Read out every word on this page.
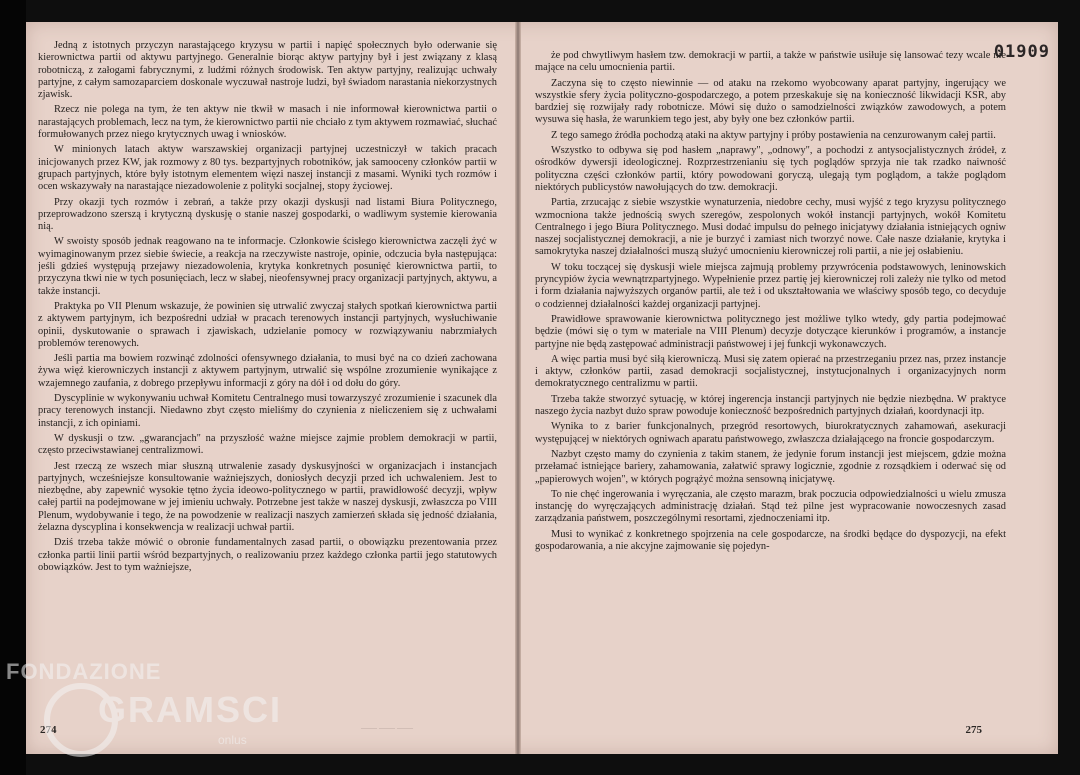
Jedną z istotnych przyczyn narastającego kryzysu w partii i napięć społecznych było oderwanie się kierownictwa partii od aktywu partyjnego. Generalnie biorąc aktyw partyjny był i jest związany z klasą robotniczą, z załogami fabrycznymi, z ludźmi różnych środowisk. Ten aktyw partyjny, realizując uchwały partyjne, z całym samozaparciem doskonale wyczuwał nastroje ludzi, był świadom narastania niekorzystnych zjawisk.

Rzecz nie polega na tym, że ten aktyw nie tkwił w masach i nie informował kierownictwa partii o narastających problemach, lecz na tym, że kierownictwo partii nie chciało z tym aktywem rozmawiać, słuchać formułowanych przez niego krytycznych uwag i wniosków.

W minionych latach aktyw warszawskiej organizacji partyjnej uczestniczył w takich pracach inicjowanych przez KW, jak rozmowy z 80 tys. bezpartyjnych robotników, jak samooceny członków partii w grupach partyjnych, które były istotnym elementem więzi naszej instancji z masami. Wyniki tych rozmów i ocen wskazywały na narastające niezadowolenie z polityki socjalnej, stopy życiowej.

Przy okazji tych rozmów i zebrań, a także przy okazji dyskusji nad listami Biura Politycznego, przeprowadzono szerszą i krytyczną dyskusję o stanie naszej gospodarki, o wadliwym systemie kierowania nią.

W swoisty sposób jednak reagowano na te informacje. Członkowie ścisłego kierownictwa zaczęli żyć w wyimaginowanym przez siebie świecie, a reakcja na rzeczywiste nastroje, opinie, odczucia była następująca: jeśli gdzieś występują przejawy niezadowolenia, krytyka konkretnych posunięć kierownictwa partii, to przyczyna tkwi nie w tych posunięciach, lecz w słabej, nieofensywnej pracy organizacji partyjnych, aktywu, a także instancji.

Praktyka po VII Plenum wskazuje, że powinien się utrwalić zwyczaj stałych spotkań kierownictwa partii z aktywem partyjnym, ich bezpośredni udział w pracach terenowych instancji partyjnych, wysłuchiwanie opinii, dyskutowanie o sprawach i zjawiskach, udzielanie pomocy w rozwiązywaniu nabrzmiałych problemów terenowych.

Jeśli partia ma bowiem rozwinąć zdolności ofensywnego działania, to musi być na co dzień zachowana żywa więź kierowniczych instancji z aktywem partyjnym, utrwalić się wspólne zrozumienie wynikające z wzajemnego zaufania, z dobrego przepływu informacji z góry na dół i od dołu do góry.

Dyscyplinie w wykonywaniu uchwał Komitetu Centralnego musi towarzyszyć zrozumienie i szacunek dla pracy terenowych instancji. Niedawno zbyt często mieliśmy do czynienia z nieliczeniem się z uchwałami instancji, z ich opiniami.

W dyskusji o tzw. „gwarancjach" na przyszłość ważne miejsce zajmie problem demokracji w partii, często przeciwstawianej centralizmowi.

Jest rzeczą ze wszech miar słuszną utrwalenie zasady dyskusyjności w organizacjach i instancjach partyjnych, wcześniejsze konsultowanie ważniejszych, doniosłych decyzji przed ich uchwaleniem. Jest to niezbędne, aby zapewnić wysokie tętno życia ideowo-politycznego w partii, prawidłowość decyzji, wpływ całej partii na podejmowane w jej imieniu uchwały. Potrzebne jest także w naszej dyskusji, zwłaszcza po VIII Plenum, wydobywanie i tego, że na powodzenie w realizacji naszych zamierzeń składa się jedność działania, żelazna dyscyplina i konsekwencja w realizacji uchwał partii.

Dziś trzeba także mówić o obronie fundamentalnych zasad partii, o obowiązku prezentowania przez członka partii linii partii wśród bezpartyjnych, o realizowaniu przez każdego członka partii jego statutowych obowiązków. Jest to tym ważniejsze,

—— —— ——
274
01909

że pod chwytliwym hasłem tzw. demokracji w partii, a także w państwie usiłuje się lansować tezy wcale nie mające na celu umocnienia partii.

Zaczyna się to często niewinnie — od ataku na rzekomo wyobcowany aparat partyjny, ingerujący we wszystkie sfery życia polityczno-gospodarczego, a potem przeskakuje się na konieczność likwidacji KSR, aby bardziej się rozwijały rady robotnicze. Mówi się dużo o samodzielności związków zawodowych, a potem wysuwa się hasła, że warunkiem tego jest, aby były one bez członków partii.

Z tego samego źródła pochodzą ataki na aktyw partyjny i próby postawienia na cenzurowanym całej partii.

Wszystko to odbywa się pod hasłem „naprawy", „odnowy", a pochodzi z antysocjalistycznych źródeł, z ośrodków dywersji ideologicznej. Rozprzestrzenianiu się tych poglądów sprzyja nie tak rzadko naiwność polityczna części członków partii, który powodowani goryczą, ulegają tym poglądom, a także poglądom niektórych publicystów nawołujących do tzw. demokracji.

Partia, zrzucając z siebie wszystkie wynaturzenia, niedobre cechy, musi wyjść z tego kryzysu politycznego wzmocniona także jednością swych szeregów, zespolonych wokół instancji partyjnych, wokół Komitetu Centralnego i jego Biura Politycznego. Musi dodać impulsu do pełnego inicjatywy działania istniejących ogniw naszej socjalistycznej demokracji, a nie je burzyć i zamiast nich tworzyć nowe. Całe nasze działanie, krytyka i samokrytyka naszej działalności muszą służyć umocnieniu kierowniczej roli partii, a nie jej osłabieniu.

W toku toczącej się dyskusji wiele miejsca zajmują problemy przywrócenia podstawowych, leninowskich pryncypiów życia wewnątrzpartyjnego. Wypełnienie przez partię jej kierowniczej roli zależy nie tylko od metod i form działania najwyższych organów partii, ale też i od ukształtowania we właściwy sposób tego, co decyduje o codziennej działalności każdej organizacji partyjnej.

Prawidłowe sprawowanie kierownictwa politycznego jest możliwe tylko wtedy, gdy partia podejmować będzie (mówi się o tym w materiale na VIII Plenum) decyzje dotyczące kierunków i programów, a instancje partyjne nie będą zastępować administracji państwowej i jej funkcji wykonawczych.

A więc partia musi być siłą kierowniczą. Musi się zatem opierać na przestrzeganiu przez nas, przez instancje i aktyw, członków partii, zasad demokracji socjalistycznej, instytucjonalnych i organizacyjnych norm demokratycznego centralizmu w partii.

Trzeba także stworzyć sytuację, w której ingerencja instancji partyjnych nie będzie niezbędna. W praktyce naszego życia nazbyt dużo spraw powoduje konieczność bezpośrednich partyjnych działań, koordynacji itp.

Wynika to z barier funkcjonalnych, przegród resortowych, biurokratycznych zahamowań, asekuracji występującej w niektórych ogniwach aparatu państwowego, zwłaszcza działającego na froncie gospodarczym.

Nazbyt często mamy do czynienia z takim stanem, że jedynie forum instancji jest miejscem, gdzie można przełamać istniejące bariery, zahamowania, załatwić sprawy logicznie, zgodnie z rozsądkiem i oderwać się od „papierowych wojen", w których pogrążyć można sensowną inicjatywę.

To nie chęć ingerowania i wyręczania, ale często marazm, brak poczucia odpowiedzialności u wielu zmusza instancję do wyręczających administrację działań. Stąd też pilne jest wypracowanie nowoczesnych zasad zarządzania państwem, poszczególnymi resortami, zjednoczeniami itp.

Musi to wynikać z konkretnego spojrzenia na cele gospodarcze, na środki będące do dyspozycji, na efekt gospodarowania, a nie akcyjne zajmowanie się pojedyn-

275
FONDAZIONE
GRAMSCI
onlus
